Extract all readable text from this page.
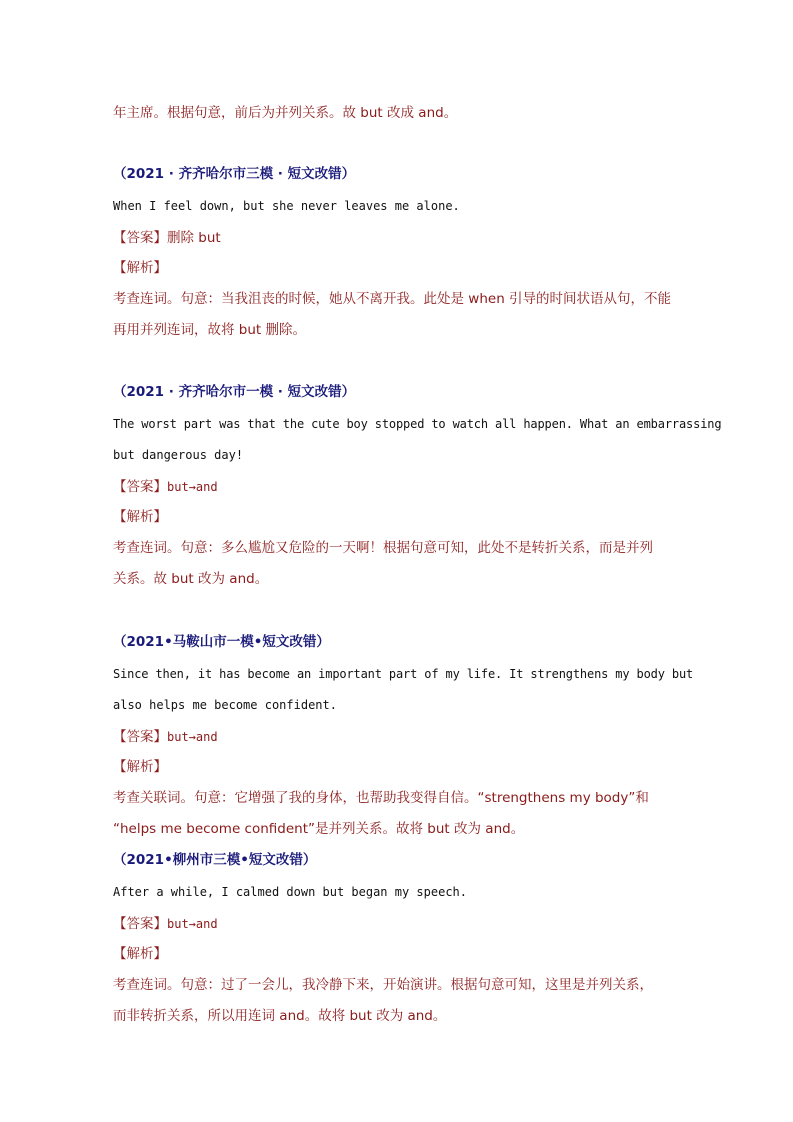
年主席。根据句意，前后为并列关系。故 but 改成 and。
（2021 · 齐齐哈尔市三模 · 短文改错）
When I feel down, but she never leaves me alone.
【答案】删除 but
【解析】
考查连词。句意：当我沮丧的时候，她从不离开我。此处是 when 引导的时间状语从句，不能
再用并列连词，故将 but 删除。
（2021 · 齐齐哈尔市一模 · 短文改错）
The worst part was that the cute boy stopped to watch all happen. What an embarrassing
but dangerous day!
【答案】but→and
【解析】
考查连词。句意：多么尴尬又危险的一天啊！根据句意可知，此处不是转折关系，而是并列
关系。故 but 改为 and。
（2021•马鞍山市一模•短文改错）
Since then, it has become an important part of my life. It strengthens my body but
also helps me become confident.
【答案】but→and
【解析】
考查关联词。句意：它增强了我的身体，也帮助我变得自信。“strengthens my body”和
“helps me become confident”是并列关系。故将 but 改为 and。
（2021•柳州市三模•短文改错）
After a while, I calmed down but began my speech.
【答案】but→and
【解析】
考查连词。句意：过了一会儿，我冷静下来，开始演讲。根据句意可知，这里是并列关系，
而非转折关系，所以用连词 and。故将 but 改为 and。
